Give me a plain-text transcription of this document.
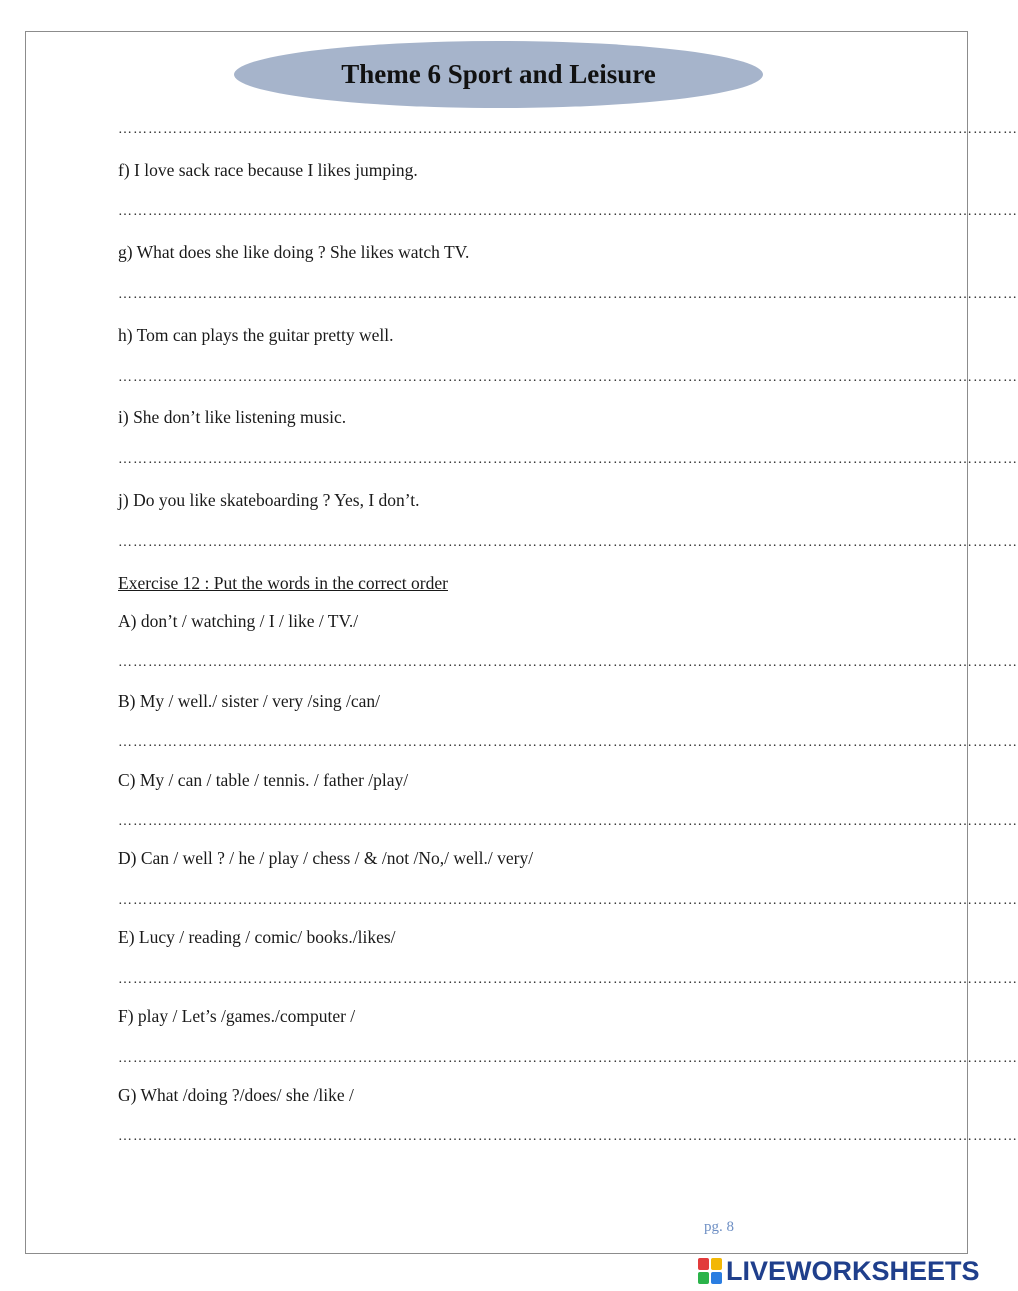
Theme 6 Sport and Leisure
………………………………………………………………………………………………………………………………………………………………
f) I love sack race because I likes jumping.
………………………………………………………………………………………………………………………………………………………………
g) What does she like doing ? She likes watch TV.
………………………………………………………………………………………………………………………………………………………………
h) Tom can plays the guitar pretty well.
………………………………………………………………………………………………………………………………………………………………
i) She don’t like listening music.
………………………………………………………………………………………………………………………………………………………………
j) Do you like skateboarding ? Yes, I don’t.
………………………………………………………………………………………………………………………………………………………………
Exercise 12 : Put the words in the correct order
A) don’t / watching / I / like / TV./
………………………………………………………………………………………………………………………………………………………………
B) My / well./ sister / very /sing /can/
………………………………………………………………………………………………………………………………………………………………
C) My / can / table / tennis. / father /play/
………………………………………………………………………………………………………………………………………………………………
D) Can / well ? / he / play / chess / & /not /No,/ well./ very/
………………………………………………………………………………………………………………………………………………………………
E) Lucy / reading / comic/ books./likes/
………………………………………………………………………………………………………………………………………………………………
F) play / Let’s /games./computer /
………………………………………………………………………………………………………………………………………………………………
G) What /doing ?/does/ she /like /
………………………………………………………………………………………………………………………………………………………………
pg. 8
LIVEWORKSHEETS
